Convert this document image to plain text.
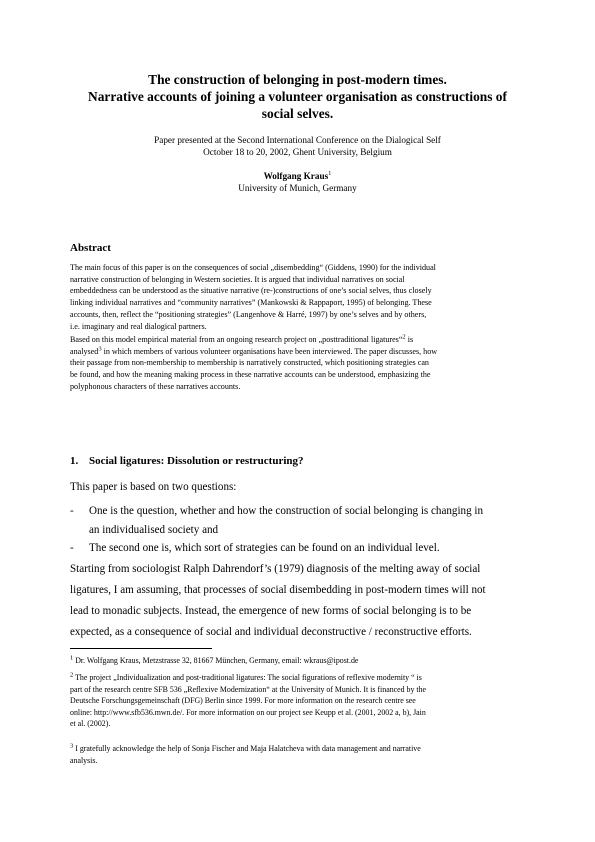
The construction of belonging in post-modern times.
Narrative accounts of joining a volunteer organisation as constructions of
social selves.
Paper presented at the Second International Conference on the Dialogical Self
October 18 to 20, 2002, Ghent University, Belgium
Wolfgang Kraus$^1$
University of Munich, Germany
Abstract
The main focus of this paper is on the consequences of social „disembedding“ (Giddens, 1990) for the individual
narrative construction of belonging in Western societies. It is argued that individual narratives on social
embeddedness can be understood as the situative narrative (re-)constructions of one’s social selves, thus closely
linking individual narratives and “community narratives” (Mankowski & Rappaport, 1995) of belonging. These
accounts, then, reflect the “positioning strategies” (Langenhove & Harré, 1997) by one’s selves and by others,
i.e. imaginary and real dialogical partners.
Based on this model empirical material from an ongoing research project on „posttraditional ligatures“$^2$ is
analysed$^3$ in which members of various volunteer organisations have been interviewed. The paper discusses, how
their passage from non-membership to membership is narratively constructed, which positioning strategies can
be found, and how the meaning making process in these narrative accounts can be understood, emphasizing the
polyphonous characters of these narratives accounts.
1. Social ligatures: Dissolution or restructuring?
This paper is based on two questions:
- One is the question, whether and how the construction of social belonging is changing in
an individualised society and
- The second one is, which sort of strategies can be found on an individual level.
Starting from sociologist Ralph Dahrendorf’s (1979) diagnosis of the melting away of social
ligatures, I am assuming, that processes of social disembedding in post-modern times will not
lead to monadic subjects. Instead, the emergence of new forms of social belonging is to be
expected, as a consequence of social and individual deconstructive / reconstructive efforts.
$^1$ Dr. Wolfgang Kraus, Metzstrasse 32, 81667 München, Germany, email: wkraus@ipost.de
$^2$ The project „Individualization and post-traditional ligatures: The social figurations of reflexive modernity “ is
part of the research centre SFB 536 „Reflexive Modernization“ at the University of Munich. It is financed by the
Deutsche Forschungsgemeinschaft (DFG) Berlin since 1999. For more information on the research centre see
online: http://www.sfb536.mwn.de/. For more information on our project see Keupp et al. (2001, 2002 a, b), Jain
et al. (2002).
$^3$ I gratefully acknowledge the help of Sonja Fischer and Maja Halatcheva with data management and narrative
analysis.
